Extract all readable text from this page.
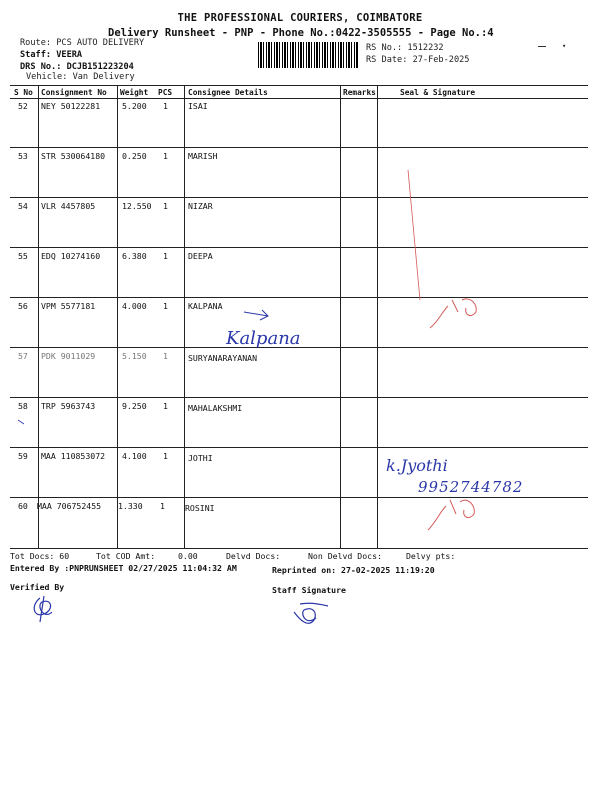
THE PROFESSIONAL COURIERS, COIMBATORE
Delivery Runsheet - PNP - Phone No.:0422-3505555 - Page No.:4
Route: PCS AUTO DELIVERY
Staff: VEERA
DRS No.: DCJB151223204
Vehicle: Van Delivery
RS No.: 1512232
RS Date: 27-Feb-2025
▾
S No Consignment No Weight PCS Consignee Details	Remarks	Seal & Signature
52 NEY 50122281	5.200 1 ISAI
53 STR 530064180 0.250 1 MARISH
54 VLR 4457805	12.550 1 NIZAR
55 EDQ 10274160	6.380 1 DEEPA
56 VPM 5577181	4.000 1 KALPANA
57 PDK 9011029	5.150 1 SURYANARAYANAN
58 TRP 5963743	9.250 1 MAHALAKSHMI
59 MAA 110853072 4.100 1 JOTHI
60 MAA 706752455 1.330 1 ROSINI
Kalpana
k.Jyothi
9952744782
Tot Docs: 60	Tot COD Amt:	0.00	Delvd Docs:	Non Delvd Docs:	Delvy pts:
Entered By :PNPRUNSHEET 02/27/2025 11:04:32 AM	Reprinted on: 27-02-2025 11:19:20
Verified By	Staff Signature
